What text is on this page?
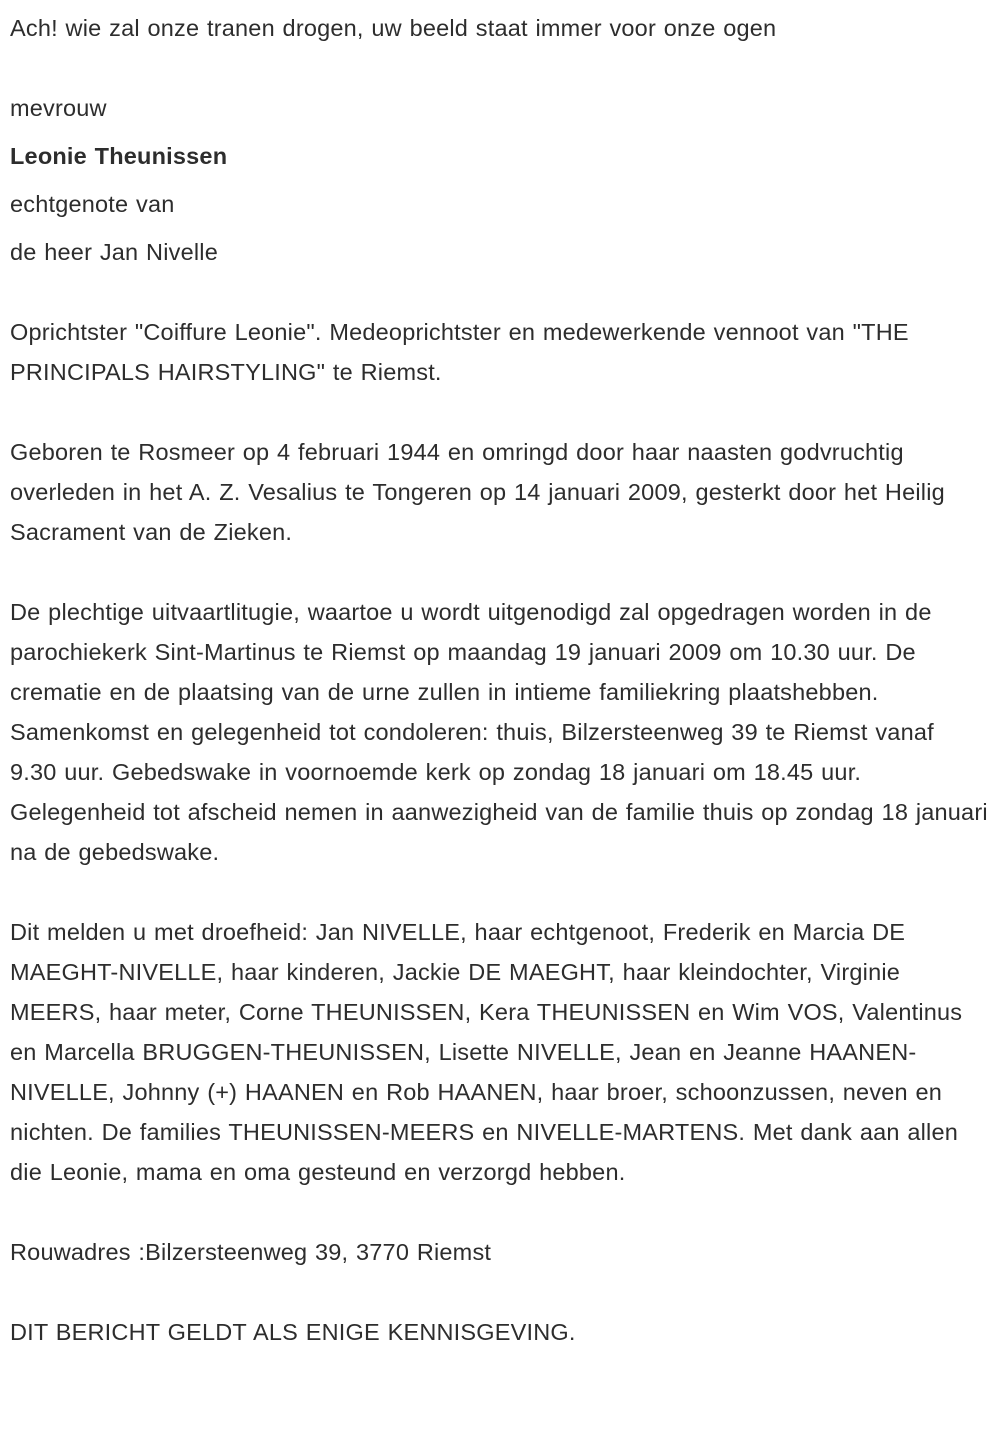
Ach! wie zal onze tranen drogen, uw beeld staat immer voor onze ogen

mevrouw

Leonie Theunissen

echtgenote van

de heer Jan Nivelle

Oprichtster "Coiffure Leonie". Medeoprichtster en medewerkende vennoot van "THE PRINCIPALS HAIRSTYLING" te Riemst.

Geboren te Rosmeer op 4 februari 1944 en omringd door haar naasten godvruchtig overleden in het A. Z. Vesalius te Tongeren op 14 januari 2009, gesterkt door het Heilig Sacrament van de Zieken.

De plechtige uitvaartlitugie, waartoe u wordt uitgenodigd zal opgedragen worden in de parochiekerk Sint-Martinus te Riemst op maandag 19 januari 2009 om 10.30 uur. De crematie en de plaatsing van de urne zullen in intieme familiekring plaatshebben. Samenkomst en gelegenheid tot condoleren: thuis, Bilzersteenweg 39 te Riemst vanaf 9.30 uur. Gebedswake in voornoemde kerk op zondag 18 januari om 18.45 uur. Gelegenheid tot afscheid nemen in aanwezigheid van de familie thuis op zondag 18 januari na de gebedswake.

Dit melden u met droefheid: Jan NIVELLE, haar echtgenoot, Frederik en Marcia DE MAEGHT-NIVELLE, haar kinderen, Jackie DE MAEGHT, haar kleindochter, Virginie MEERS, haar meter, Corne THEUNISSEN, Kera THEUNISSEN en Wim VOS, Valentinus en Marcella BRUGGEN-THEUNISSEN, Lisette NIVELLE, Jean en Jeanne HAANEN-NIVELLE, Johnny (+) HAANEN en Rob HAANEN, haar broer, schoonzussen, neven en nichten. De families THEUNISSEN-MEERS en NIVELLE-MARTENS. Met dank aan allen die Leonie, mama en oma gesteund en verzorgd hebben.

Rouwadres :Bilzersteenweg 39, 3770 Riemst

DIT BERICHT GELDT ALS ENIGE KENNISGEVING.
